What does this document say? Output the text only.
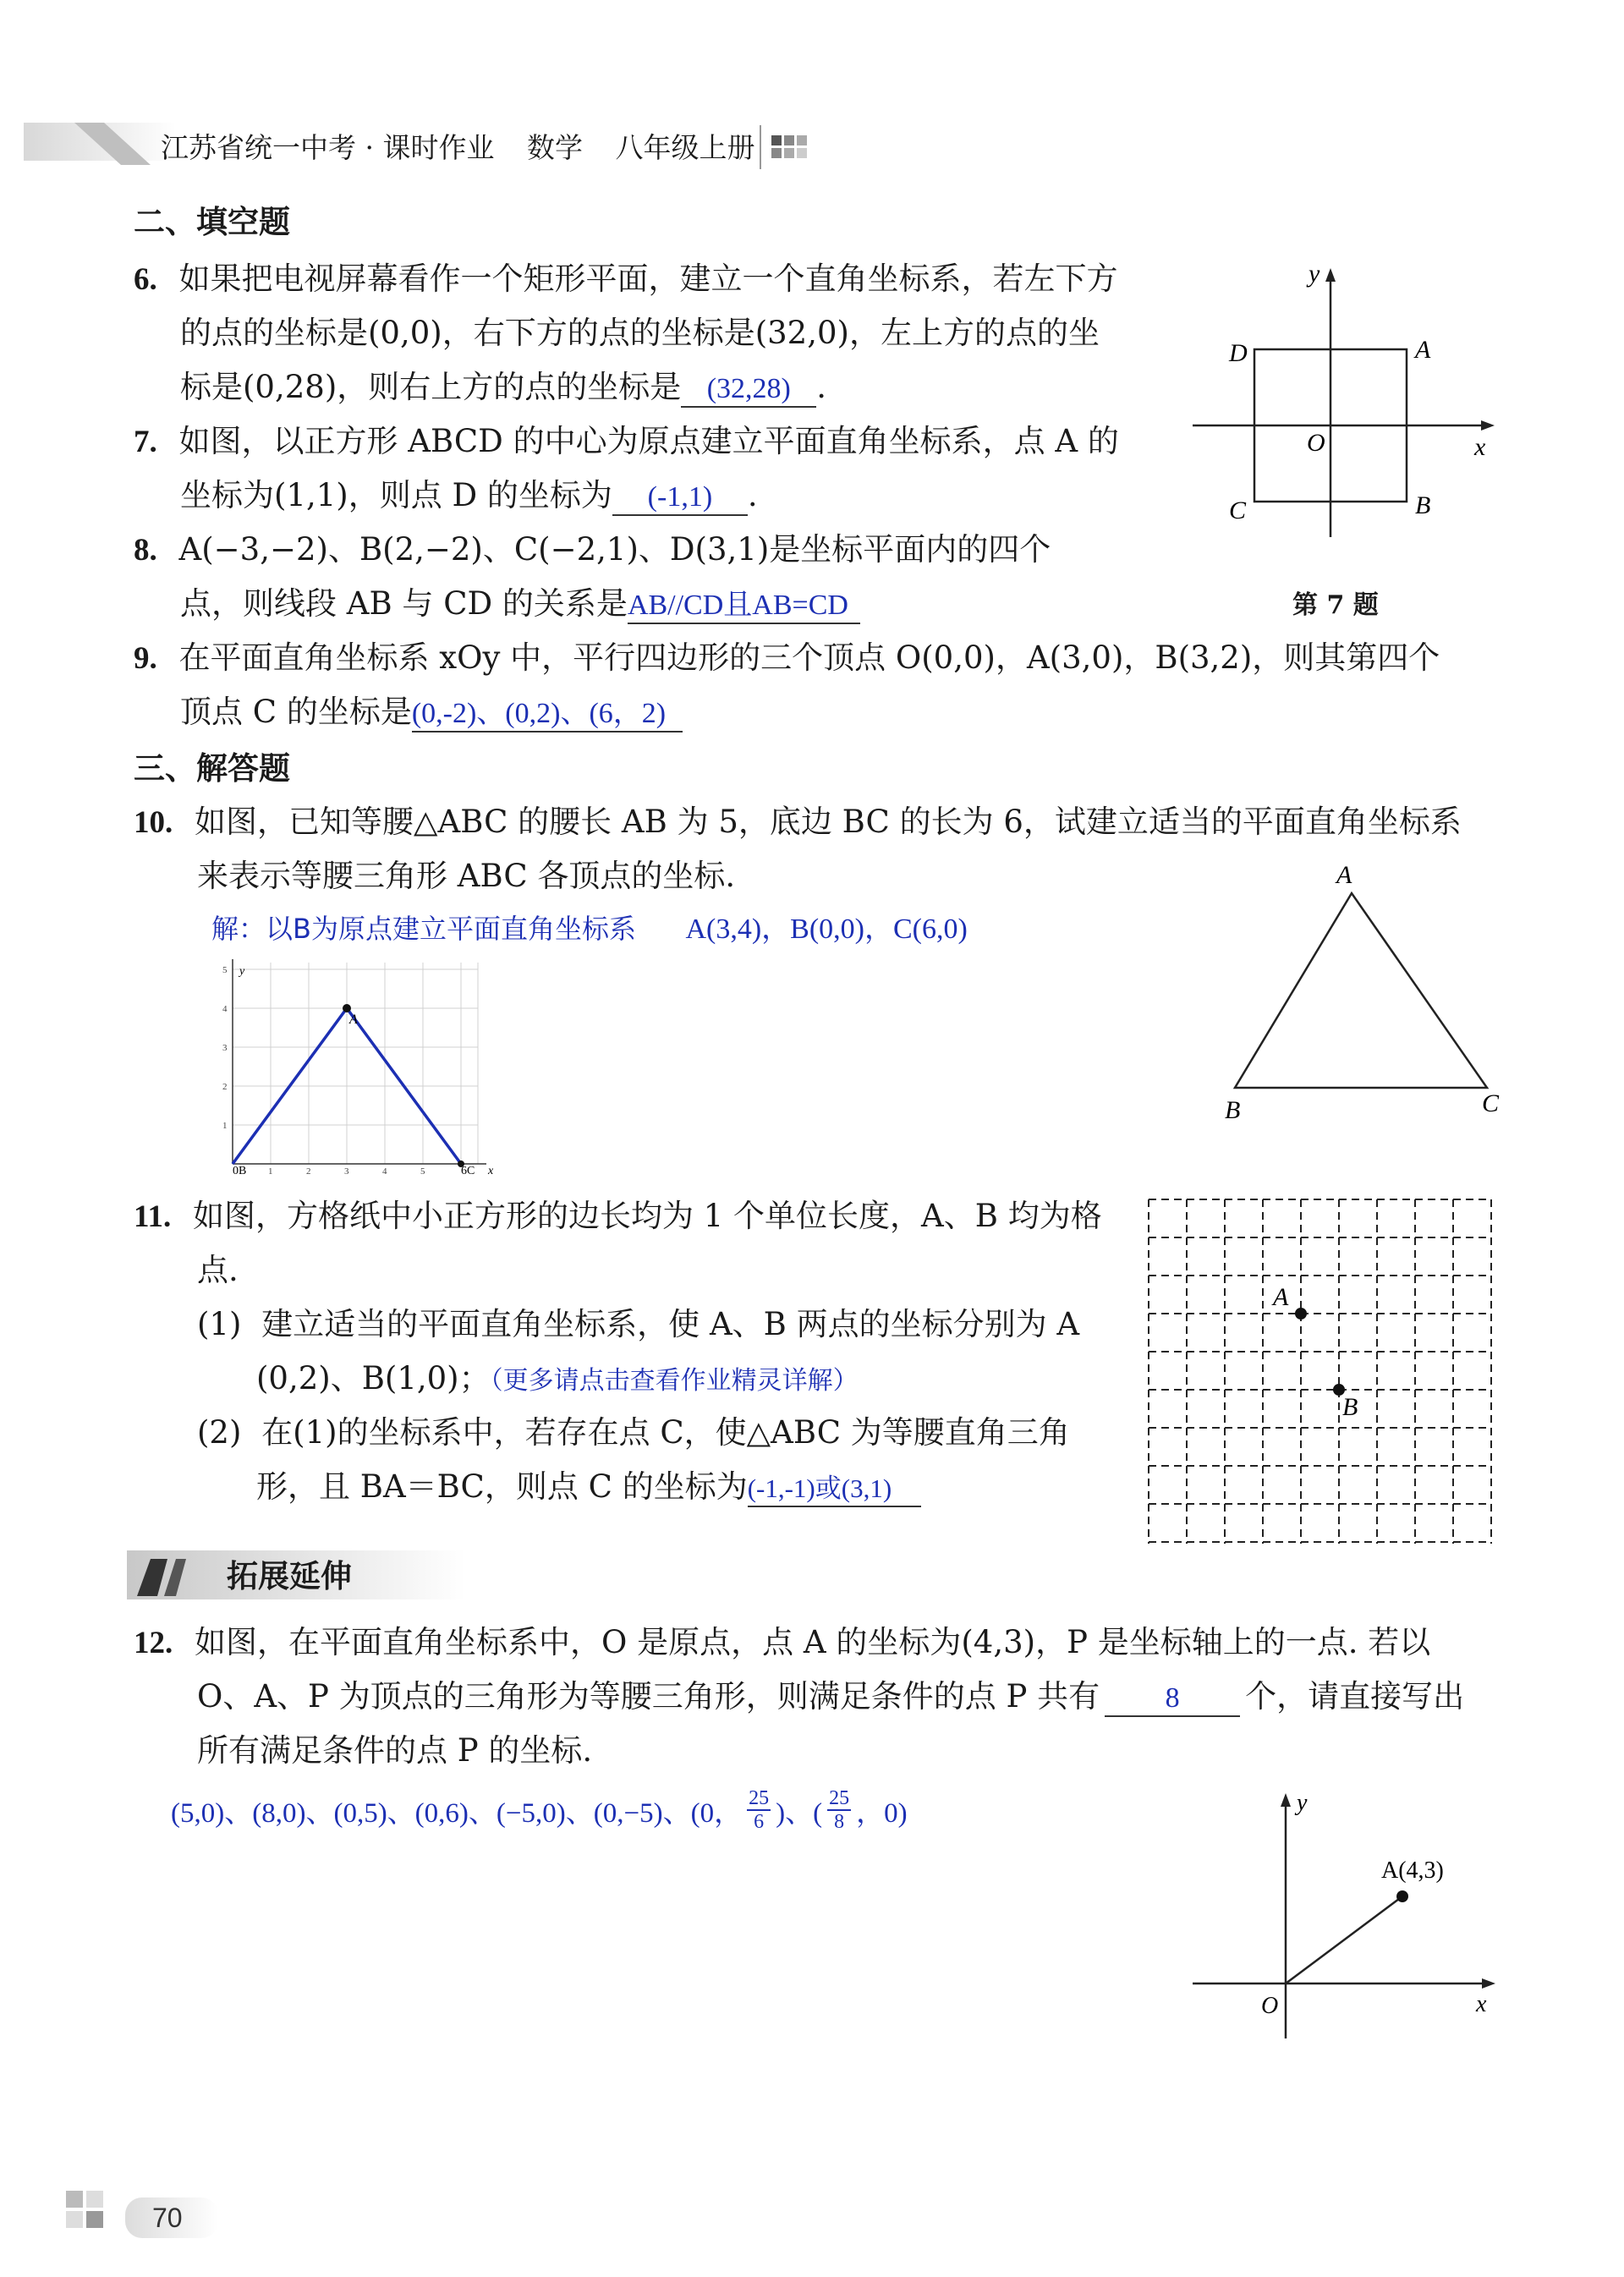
江苏省统一中考 · 课时作业 数学 八年级上册
二、填空题
6. 如果把电视屏幕看作一个矩形平面，建立一个直角坐标系，若左下方
的点的坐标是(0,0)，右下方的点的坐标是(32,0)，左上方的点的坐
标是(0,28)，则右上方的点的坐标是 (32,28) .
7. 如图，以正方形 ABCD 的中心为原点建立平面直角坐标系，点 A 的
坐标为(1,1)，则点 D 的坐标为 (-1,1) .
y
x
O
A
B
C
D
第 7 题
8. A(−3,−2)、B(2,−2)、C(−2,1)、D(3,1)是坐标平面内的四个
点，则线段 AB 与 CD 的关系是AB//CD且AB=CD
9. 在平面直角坐标系 xOy 中，平行四边形的三个顶点 O(0,0)，A(3,0)，B(3,2)，则其第四个
顶点 C 的坐标是(0,-2)、(0,2)、(6，2)
三、解答题
10. 如图，已知等腰△ABC 的腰长 AB 为 5，底边 BC 的长为 6，试建立适当的平面直角坐标系
来表示等腰三角形 ABC 各顶点的坐标.
解：以B为原点建立平面直角坐标系 A(3,4)，B(0,0)，C(6,0)
A
y
x
0B	6C
1	2	3	4	5
1
2
3
4
5
A
B	C
11. 如图，方格纸中小正方形的边长均为 1 个单位长度，A、B 均为格
点.
(1) 建立适当的平面直角坐标系，使 A、B 两点的坐标分别为 A
(0,2)、B(1,0)；（更多请点击查看作业精灵详解）
(2) 在(1)的坐标系中，若存在点 C，使△ABC 为等腰直角三角
形，且 BA＝BC，则点 C 的坐标为(-1,-1)或(3,1)
A
B
拓展延伸
12. 如图，在平面直角坐标系中，O 是原点，点 A 的坐标为(4,3)，P 是坐标轴上的一点. 若以
O、A、P 为顶点的三角形为等腰三角形，则满足条件的点 P 共有 8 个，请直接写出
所有满足条件的点 P 的坐标.
(5,0)、(8,0)、(0,5)、(0,6)、(−5,0)、(0,−5)、(0， $\frac{25}{6}$ )、( $\frac{25}{8}$ ，0)	y
x
O
A(4,3)
70
